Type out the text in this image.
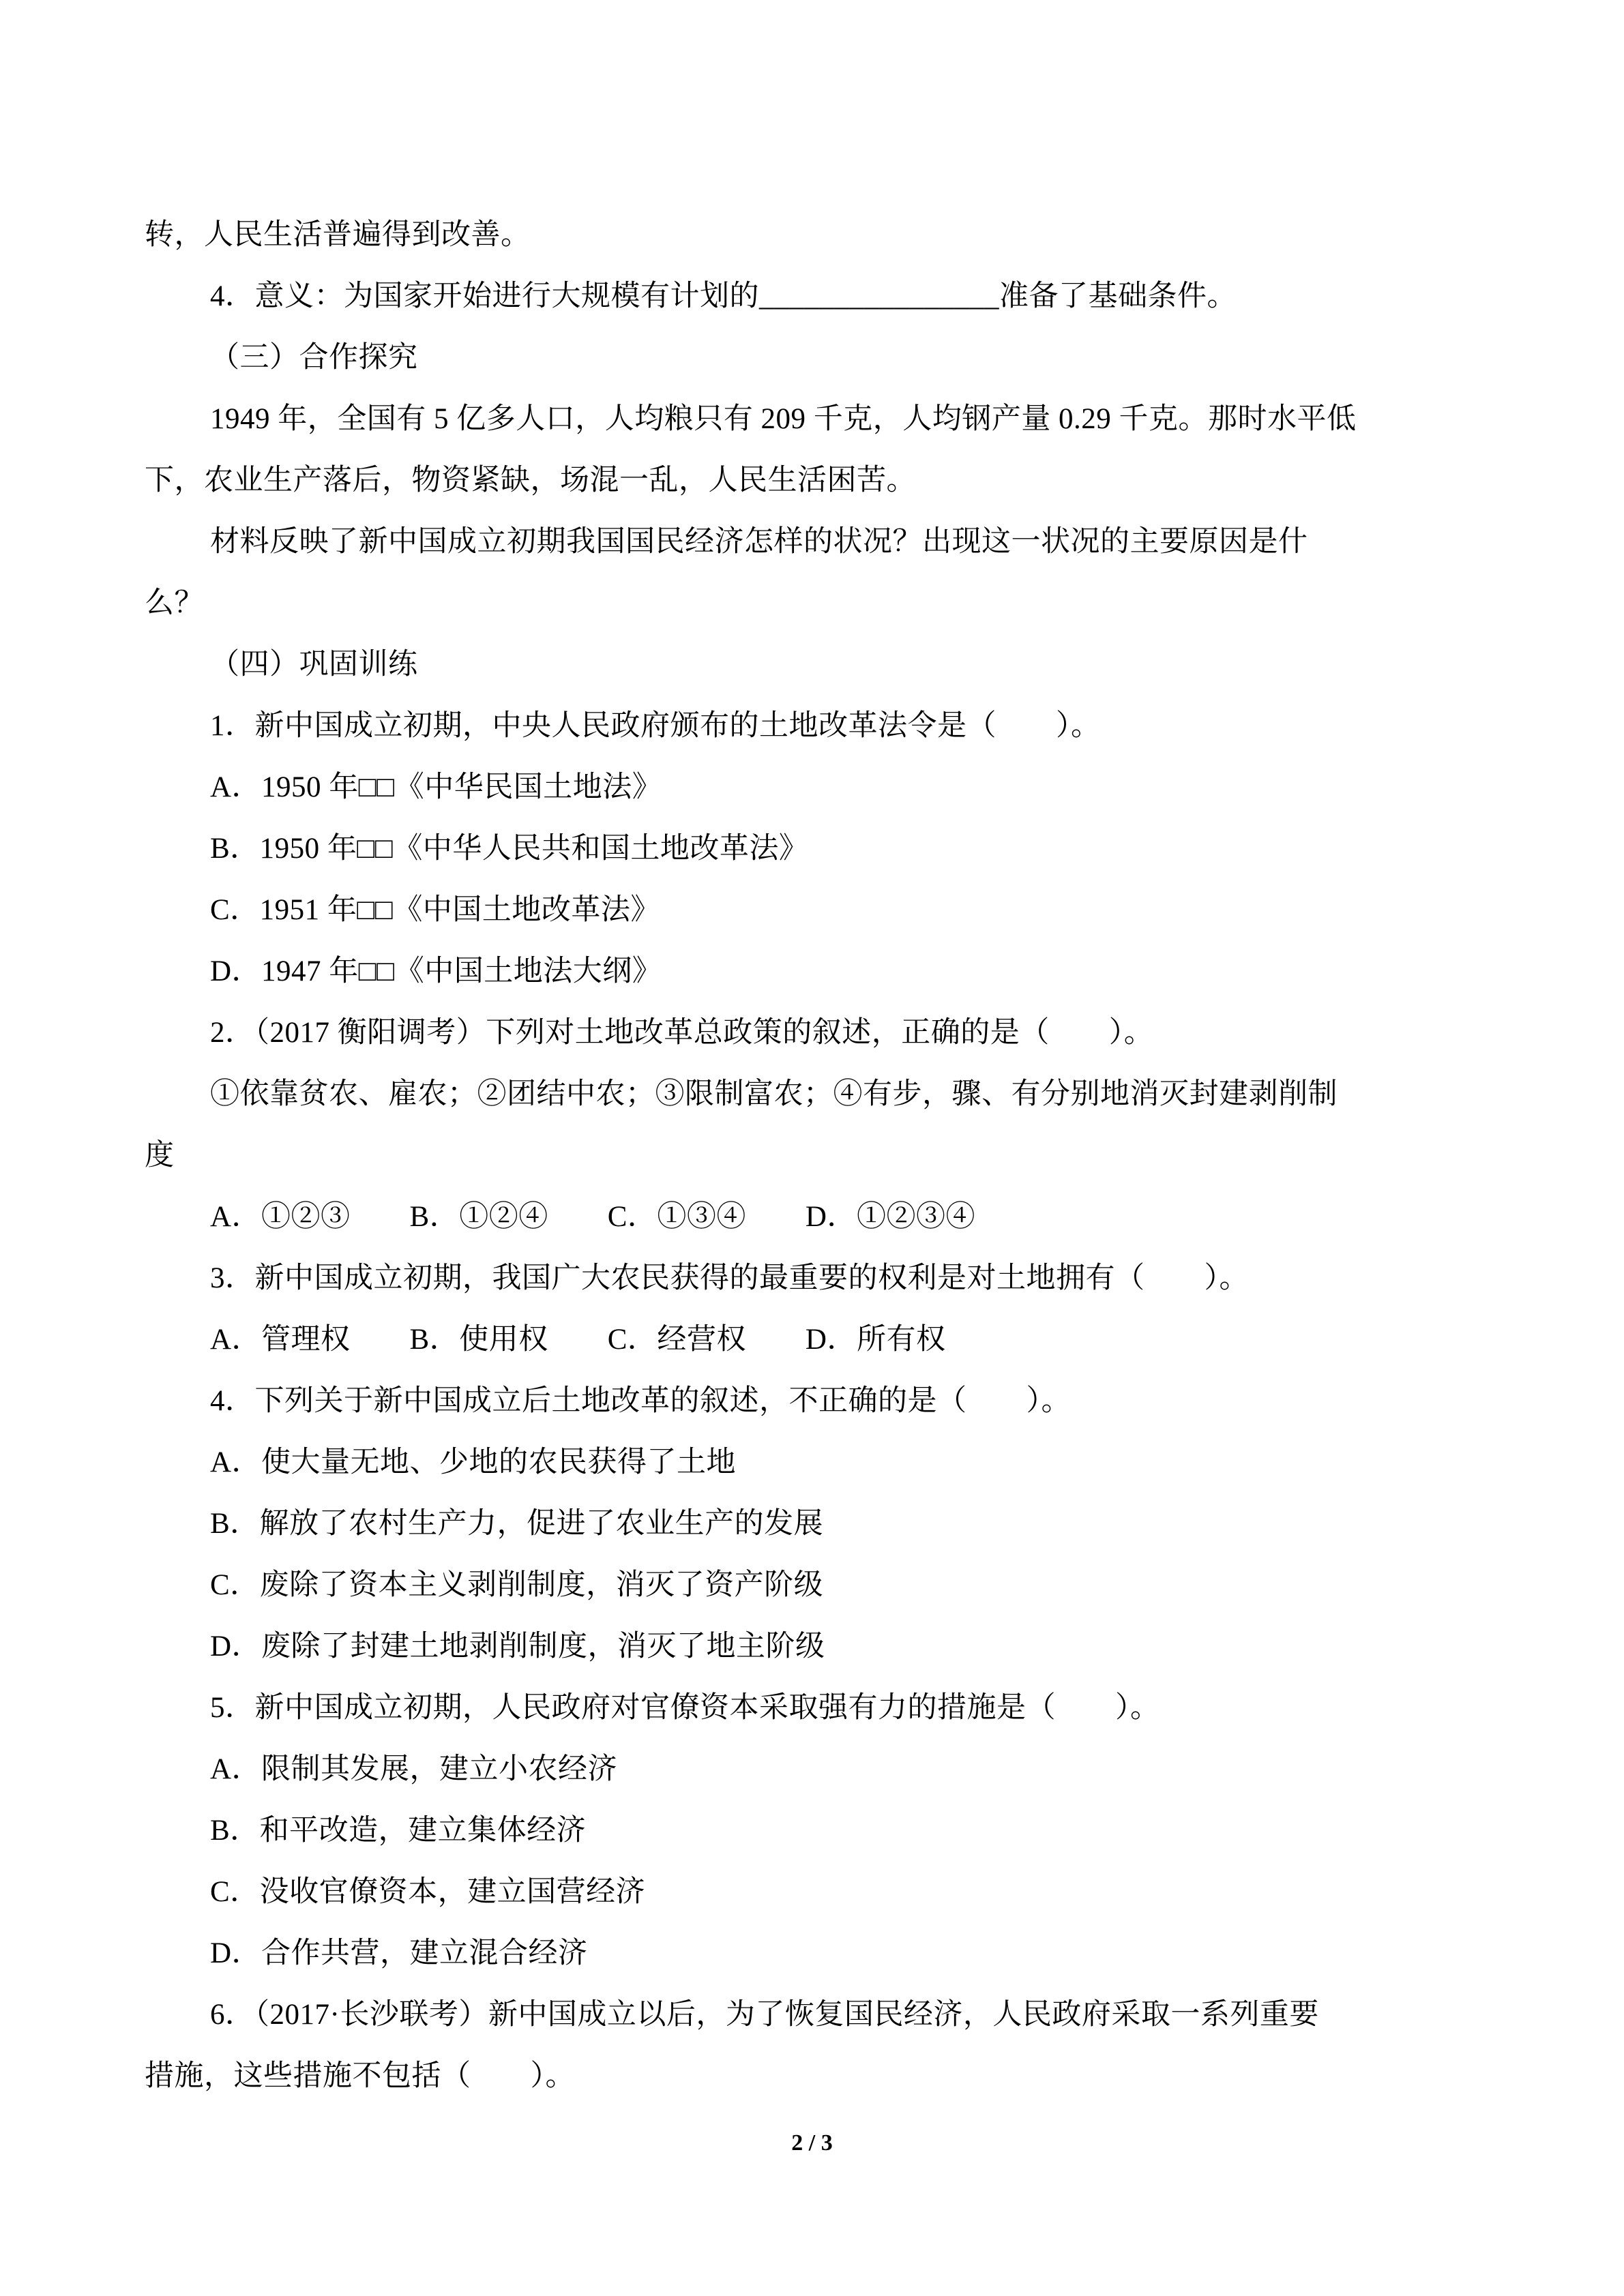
转，人民生活普遍得到改善。

4．意义：为国家开始进行大规模有计划的________________准备了基础条件。

（三）合作探究

1949 年，全国有 5 亿多人口，人均粮只有 209 千克，人均钢产量 0.29 千克。那时水平低

下，农业生产落后，物资紧缺，场混一乱，人民生活困苦。

材料反映了新中国成立初期我国国民经济怎样的状况？出现这一状况的主要原因是什

么？

（四）巩固训练

1．新中国成立初期，中央人民政府颁布的土地改革法令是（　　）。

A．1950 年□□《中华民国土地法》

B．1950 年□□《中华人民共和国土地改革法》

C．1951 年□□《中国土地改革法》

D．1947 年□□《中国土地法大纲》

2．（2017 衡阳调考）下列对土地改革总政策的叙述，正确的是（　　）。

①依靠贫农、雇农；②团结中农；③限制富农；④有步，骤、有分别地消灭封建剥削制

度

A．①②③　　B．①②④　　C．①③④　　D．①②③④

3．新中国成立初期，我国广大农民获得的最重要的权利是对土地拥有（　　）。

A．管理权　　B．使用权　　C．经营权　　D．所有权

4．下列关于新中国成立后土地改革的叙述，不正确的是（　　）。

A．使大量无地、少地的农民获得了土地

B．解放了农村生产力，促进了农业生产的发展

C．废除了资本主义剥削制度，消灭了资产阶级

D．废除了封建土地剥削制度，消灭了地主阶级

5．新中国成立初期，人民政府对官僚资本采取强有力的措施是（　　）。

A．限制其发展，建立小农经济

B．和平改造，建立集体经济

C．没收官僚资本，建立国营经济

D．合作共营，建立混合经济

6．（2017·长沙联考）新中国成立以后，为了恢复国民经济，人民政府采取一系列重要

措施，这些措施不包括（　　）。

2 / 3
